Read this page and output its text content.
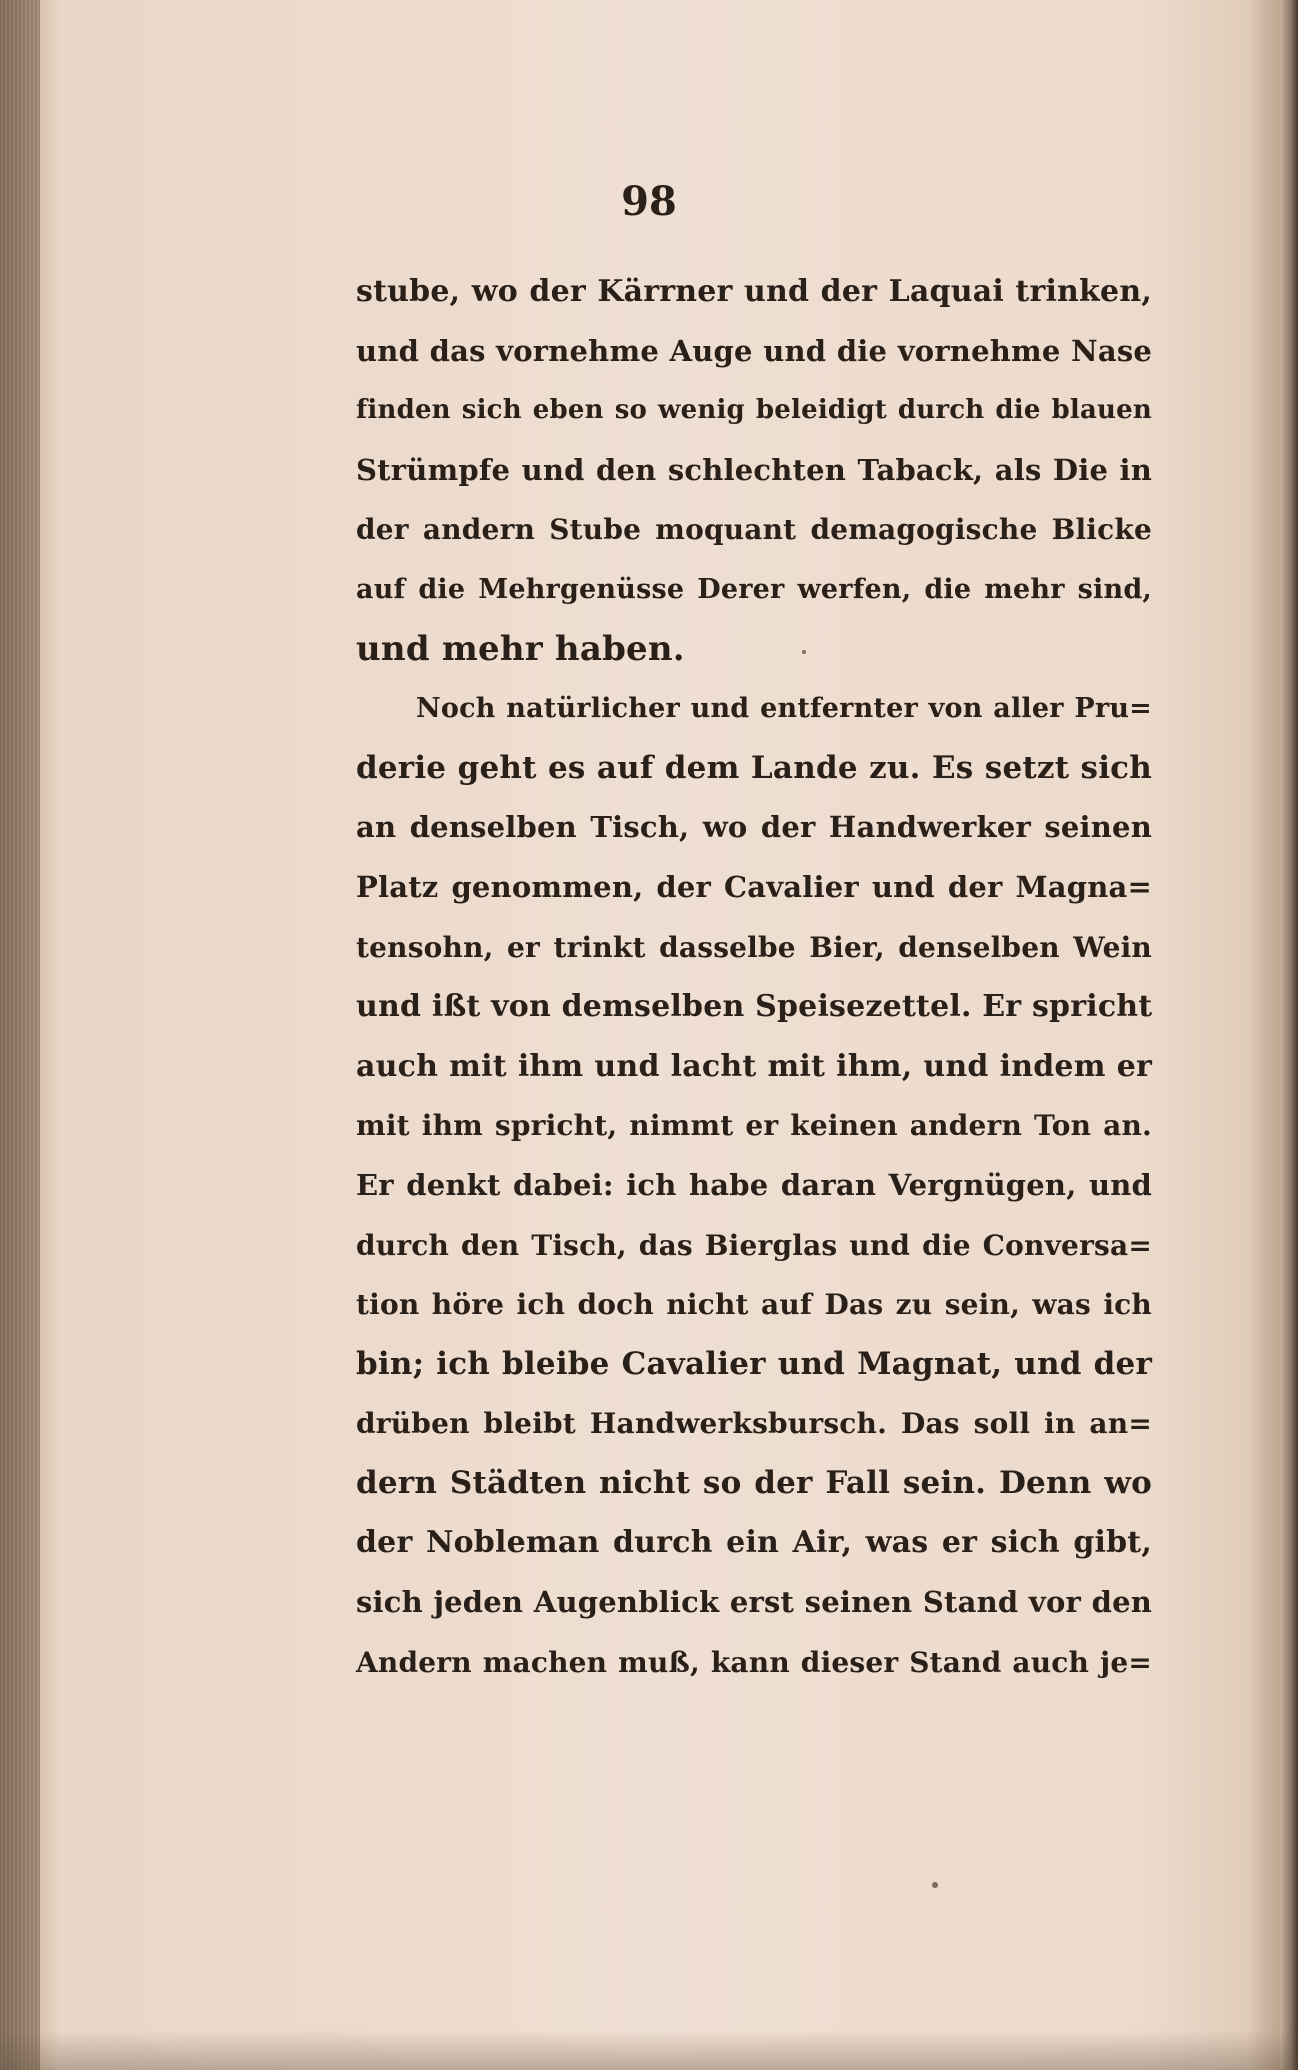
98
stube, wo der Kärrner und der Laquai trinken,
und das vornehme Auge und die vornehme Nase
finden sich eben so wenig beleidigt durch die blauen
Strümpfe und den schlechten Taback, als Die in
der andern Stube moquant demagogische Blicke
auf die Mehrgenüsse Derer werfen, die mehr sind,
und mehr haben.
Noch natürlicher und entfernter von aller Pru=
derie geht es auf dem Lande zu. Es setzt sich
an denselben Tisch, wo der Handwerker seinen
Platz genommen, der Cavalier und der Magna=
tensohn, er trinkt dasselbe Bier, denselben Wein
und ißt von demselben Speisezettel. Er spricht
auch mit ihm und lacht mit ihm, und indem er
mit ihm spricht, nimmt er keinen andern Ton an.
Er denkt dabei: ich habe daran Vergnügen, und
durch den Tisch, das Bierglas und die Conversa=
tion höre ich doch nicht auf Das zu sein, was ich
bin; ich bleibe Cavalier und Magnat, und der
drüben bleibt Handwerksbursch. Das soll in an=
dern Städten nicht so der Fall sein. Denn wo
der Nobleman durch ein Air, was er sich gibt,
sich jeden Augenblick erst seinen Stand vor den
Andern machen muß, kann dieser Stand auch je=
